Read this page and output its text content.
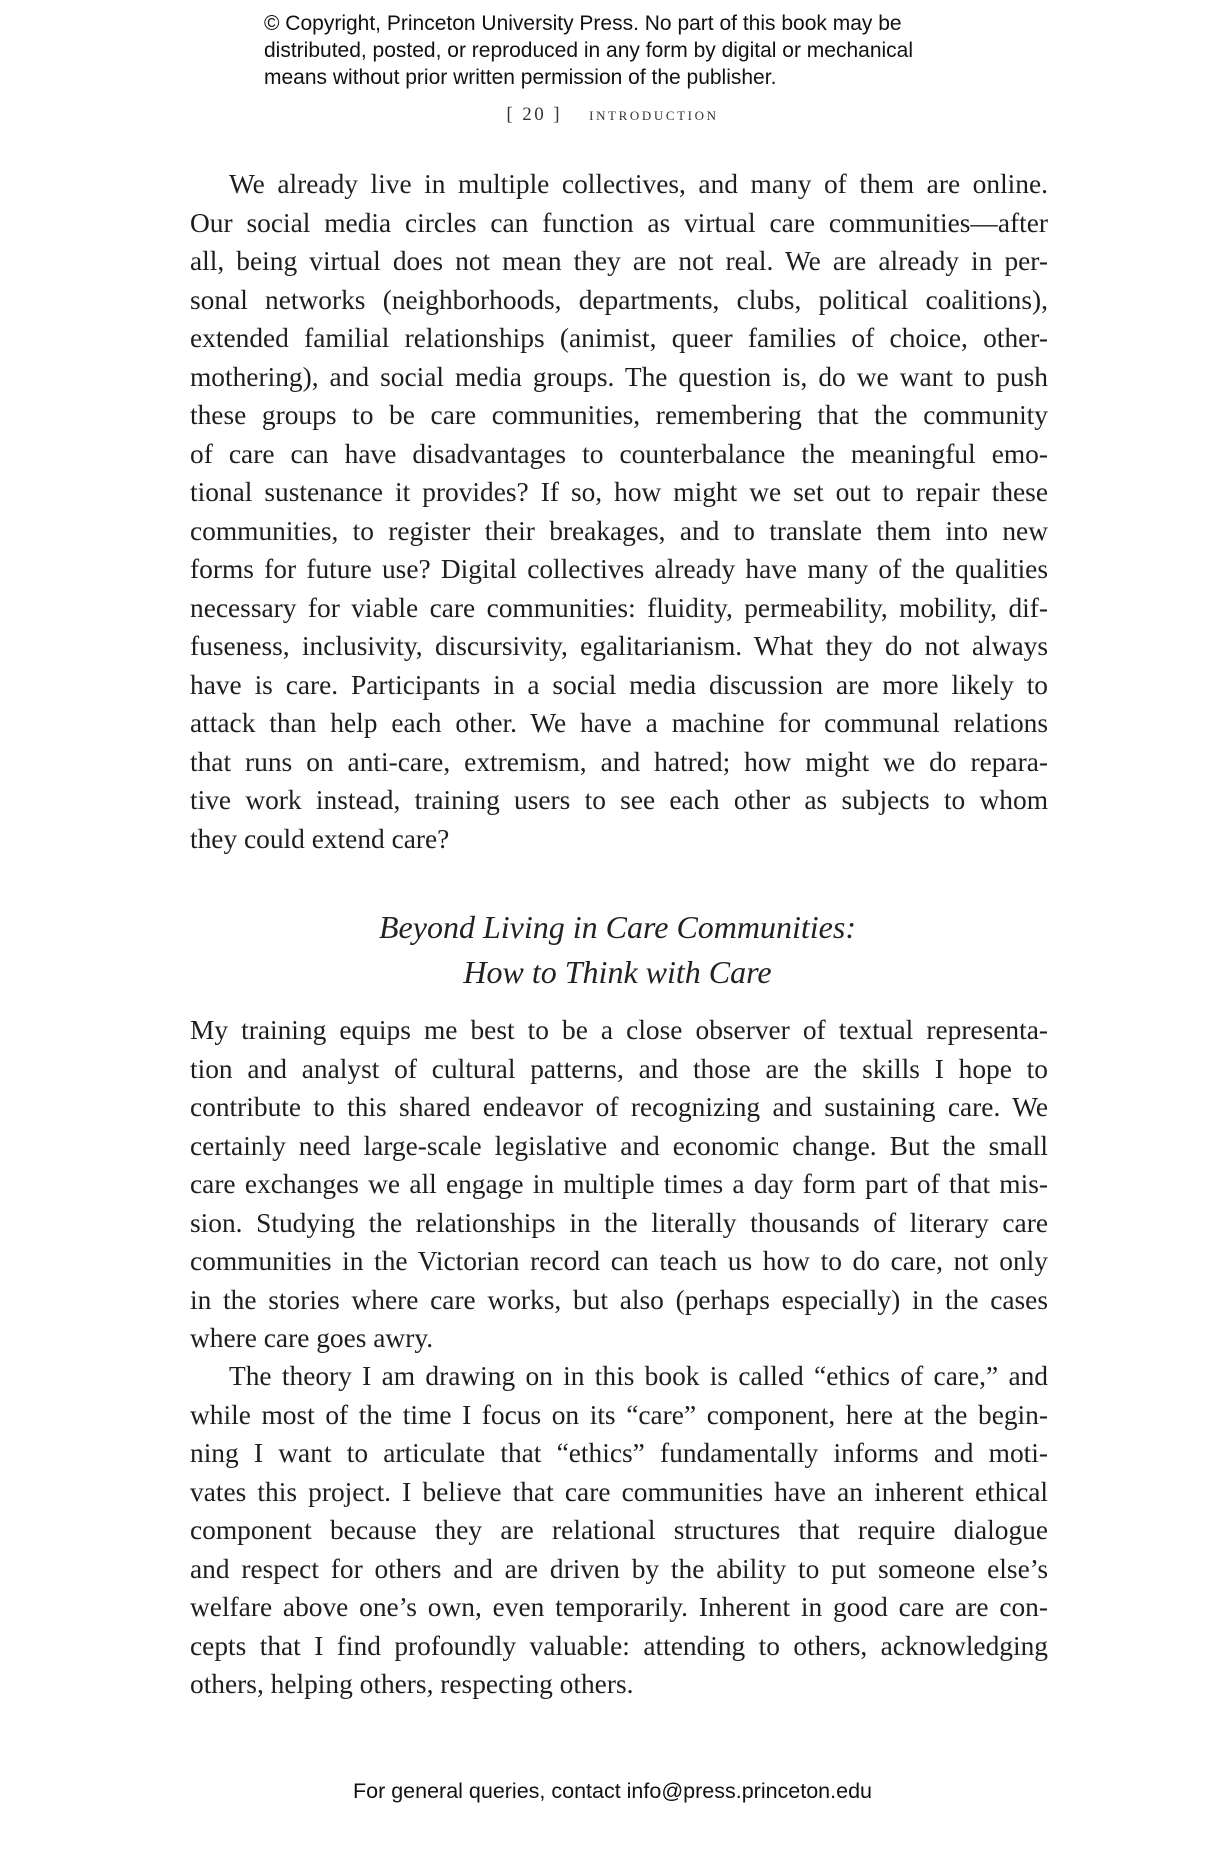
© Copyright, Princeton University Press. No part of this book may be
distributed, posted, or reproduced in any form by digital or mechanical
means without prior written permission of the publisher.
[ 20 ] introduction
We already live in multiple collectives, and many of them are online.
Our social media circles can function as virtual care communities—after
all, being virtual does not mean they are not real. We are already in per-
sonal networks (neighborhoods, departments, clubs, political coalitions),
extended familial relationships (animist, queer families of choice, other-
mothering), and social media groups. The question is, do we want to push
these groups to be care communities, remembering that the community
of care can have disadvantages to counterbalance the meaningful emo-
tional sustenance it provides? If so, how might we set out to repair these
communities, to register their breakages, and to translate them into new
forms for future use? Digital collectives already have many of the qualities
necessary for viable care communities: fluidity, permeability, mobility, dif-
fuseness, inclusivity, discursivity, egalitarianism. What they do not always
have is care. Participants in a social media discussion are more likely to
attack than help each other. We have a machine for communal relations
that runs on anti-care, extremism, and hatred; how might we do repara-
tive work instead, training users to see each other as subjects to whom
they could extend care?
Beyond Living in Care Communities:
How to Think with Care
My training equips me best to be a close observer of textual representa-
tion and analyst of cultural patterns, and those are the skills I hope to
contribute to this shared endeavor of recognizing and sustaining care. We
certainly need large-scale legislative and economic change. But the small
care exchanges we all engage in multiple times a day form part of that mis-
sion. Studying the relationships in the literally thousands of literary care
communities in the Victorian record can teach us how to do care, not only
in the stories where care works, but also (perhaps especially) in the cases
where care goes awry.
The theory I am drawing on in this book is called “ethics of care,” and
while most of the time I focus on its “care” component, here at the begin-
ning I want to articulate that “ethics” fundamentally informs and moti-
vates this project. I believe that care communities have an inherent ethical
component because they are relational structures that require dialogue
and respect for others and are driven by the ability to put someone else’s
welfare above one’s own, even temporarily. Inherent in good care are con-
cepts that I find profoundly valuable: attending to others, acknowledging
others, helping others, respecting others.
For general queries, contact info@press.princeton.edu
